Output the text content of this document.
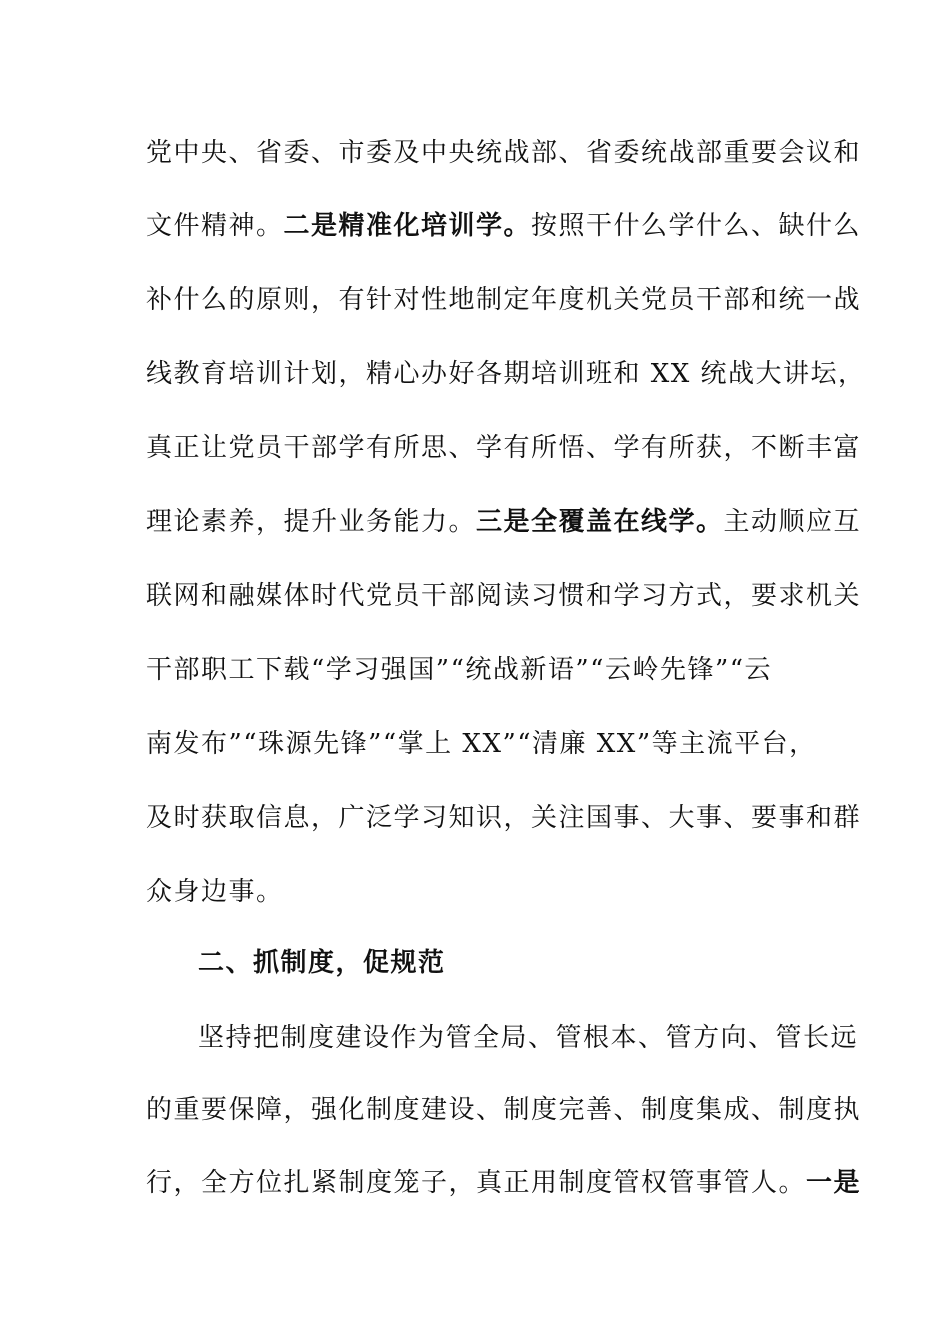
党中央、省委、市委及中央统战部、省委统战部重要会议和
文件精神。二是精准化培训学。按照干什么学什么、缺什么
补什么的原则，有针对性地制定年度机关党员干部和统一战
线教育培训计划，精心办好各期培训班和 XX 统战大讲坛，
真正让党员干部学有所思、学有所悟、学有所获，不断丰富
理论素养，提升业务能力。三是全覆盖在线学。主动顺应互
联网和融媒体时代党员干部阅读习惯和学习方式，要求机关
干部职工下载“学习强国”“统战新语”“云岭先锋”“云
南发布”“珠源先锋”“掌上 XX”“清廉 XX”等主流平台，
及时获取信息，广泛学习知识，关注国事、大事、要事和群
众身边事。
二、抓制度，促规范
坚持把制度建设作为管全局、管根本、管方向、管长远
的重要保障，强化制度建设、制度完善、制度集成、制度执
行，全方位扎紧制度笼子，真正用制度管权管事管人。一是
